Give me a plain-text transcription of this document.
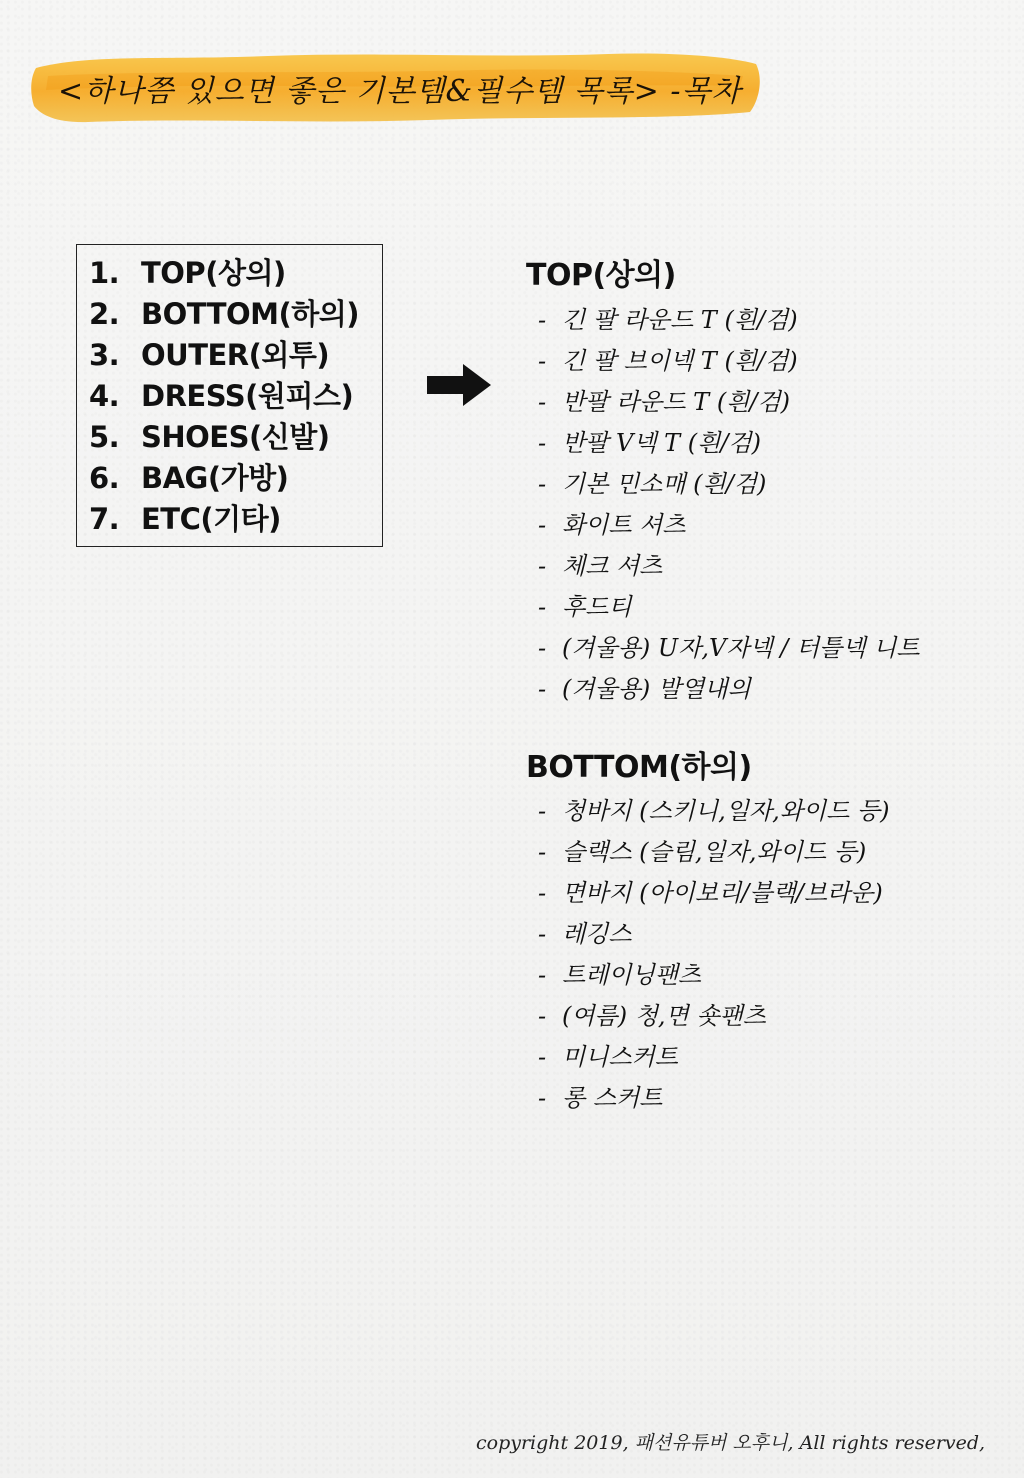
<하나쯤 있으면 좋은 기본템&필수템 목록> -목차
1. TOP(상의)
2. BOTTOM(하의)
3. OUTER(외투)
4. DRESS(원피스)
5. SHOES(신발)
6. BAG(가방)
7. ETC(기타)
TOP(상의)
- 긴 팔 라운드 T (흰/검)
- 긴 팔 브이넥 T (흰/검)
- 반팔 라운드 T (흰/검)
- 반팔 V넥 T (흰/검)
- 기본 민소매 (흰/검)
- 화이트 셔츠
- 체크 셔츠
- 후드티
- (겨울용) U자,V자넥 / 터틀넥 니트
- (겨울용) 발열내의
BOTTOM(하의)
- 청바지 (스키니,일자,와이드 등)
- 슬랙스 (슬림,일자,와이드 등)
- 면바지 (아이보리/블랙/브라운)
- 레깅스
- 트레이닝팬츠
- (여름) 청,면 숏팬츠
- 미니스커트
- 롱 스커트
copyright 2019, 패션유튜버 오후니, All rights reserved,
